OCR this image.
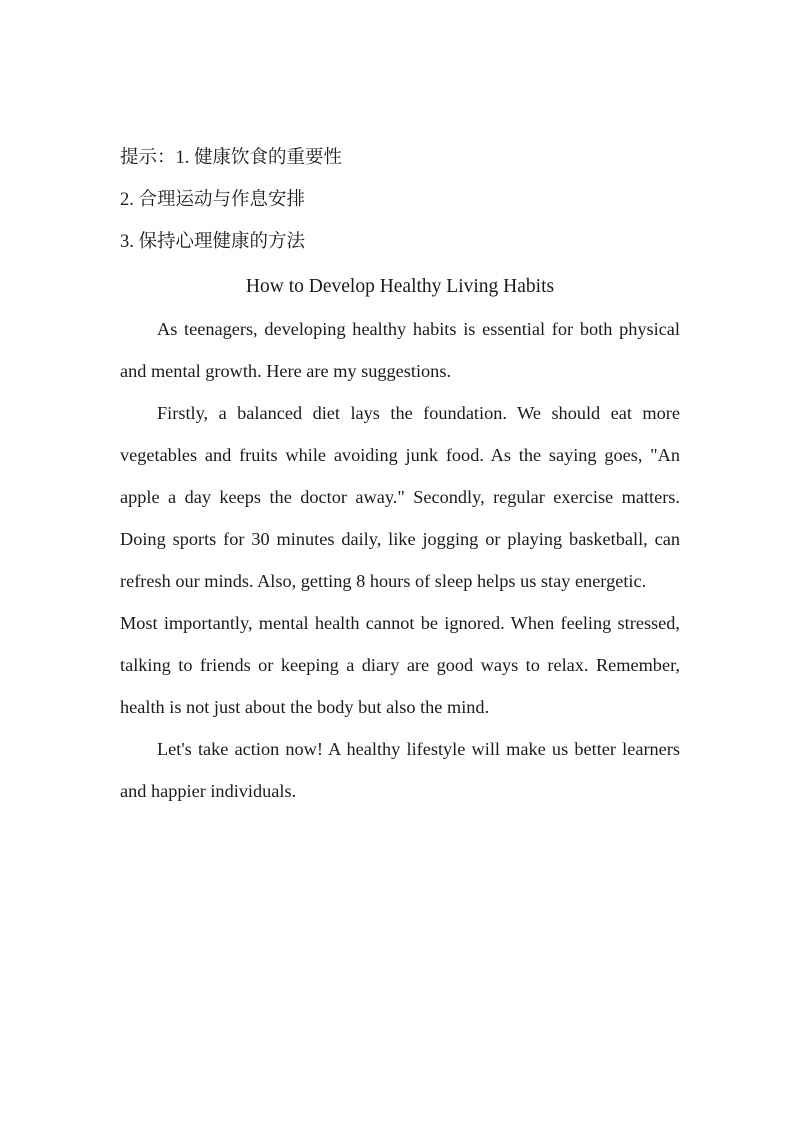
提示：1. 健康饮食的重要性

2. 合理运动与作息安排

3. 保持心理健康的方法

How to Develop Healthy Living Habits

As teenagers, developing healthy habits is essential for both physical

and mental growth. Here are my suggestions.

Firstly, a balanced diet lays the foundation. We should eat more

vegetables and fruits while avoiding junk food. As the saying goes, "An

apple a day keeps the doctor away." Secondly, regular exercise matters.

Doing sports for 30 minutes daily, like jogging or playing basketball, can

refresh our minds. Also, getting 8 hours of sleep helps us stay energetic.

Most importantly, mental health cannot be ignored. When feeling stressed,

talking to friends or keeping a diary are good ways to relax. Remember,

health is not just about the body but also the mind.

Let's take action now! A healthy lifestyle will make us better learners

and happier individuals.
